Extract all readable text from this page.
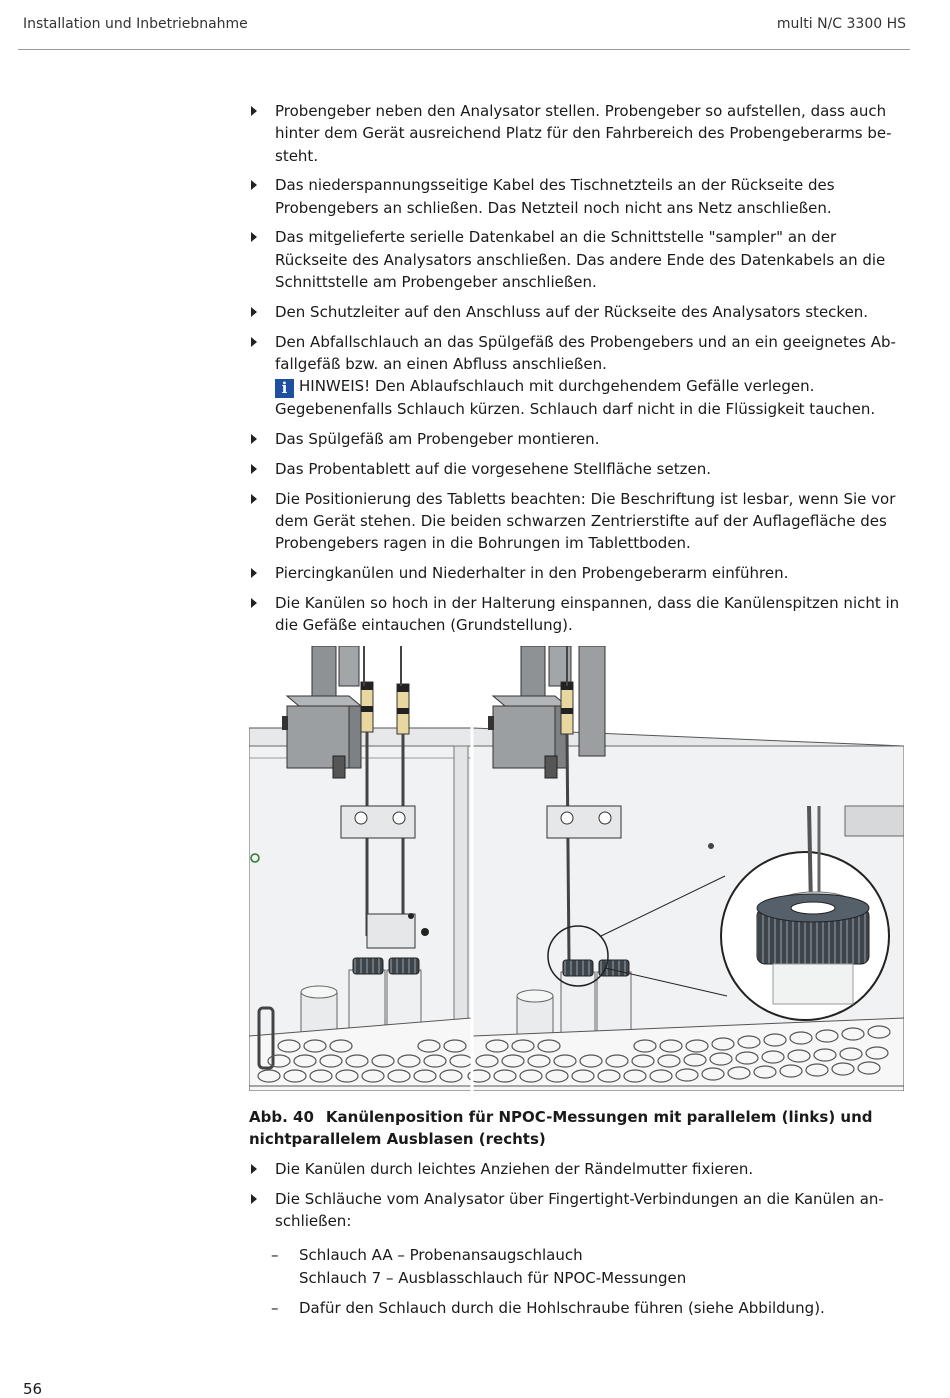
Installation und Inbetriebnahme	multi N/C 3300 HS
Probengeber neben den Analysator stellen. Probengeber so aufstellen, dass auch hinter dem Gerät ausreichend Platz für den Fahrbereich des Probengeberarms besteht.
Das niederspannungsseitige Kabel des Tischnetzteils an der Rückseite des Probengebers an schließen. Das Netzteil noch nicht ans Netz anschließen.
Das mitgelieferte serielle Datenkabel an die Schnittstelle "sampler" an der Rückseite des Analysators anschließen. Das andere Ende des Datenkabels an die Schnittstelle am Probengeber anschließen.
Den Schutzleiter auf den Anschluss auf der Rückseite des Analysators stecken.
Den Abfallschlauch an das Spülgefäß des Probengebers und an ein geeignetes Abfallgefäß bzw. an einen Abfluss anschließen.
i HINWEIS! Den Ablaufschlauch mit durchgehendem Gefälle verlegen. Gegebenenfalls Schlauch kürzen. Schlauch darf nicht in die Flüssigkeit tauchen.
Das Spülgefäß am Probengeber montieren.
Das Probentablett auf die vorgesehene Stellfläche setzen.
Die Positionierung des Tabletts beachten: Die Beschriftung ist lesbar, wenn Sie vor dem Gerät stehen. Die beiden schwarzen Zentrierstifte auf der Auflagefläche des Probengebers ragen in die Bohrungen im Tablettboden.
Piercingkanülen und Niederhalter in den Probengeberarm einführen.
Die Kanülen so hoch in der Halterung einspannen, dass die Kanülenspitzen nicht in die Gefäße eintauchen (Grundstellung).
Abb. 40 Kanülenposition für NPOC-Messungen mit parallelem (links) und nichtparallelem Ausblasen (rechts)
Die Kanülen durch leichtes Anziehen der Rändelmutter fixieren.
Die Schläuche vom Analysator über Fingertight-Verbindungen an die Kanülen anschließen:
– Schlauch AA – Probenansaugschlauch
Schlauch 7 – Ausblasschlauch für NPOC-Messungen
– Dafür den Schlauch durch die Hohlschraube führen (siehe Abbildung).
56
